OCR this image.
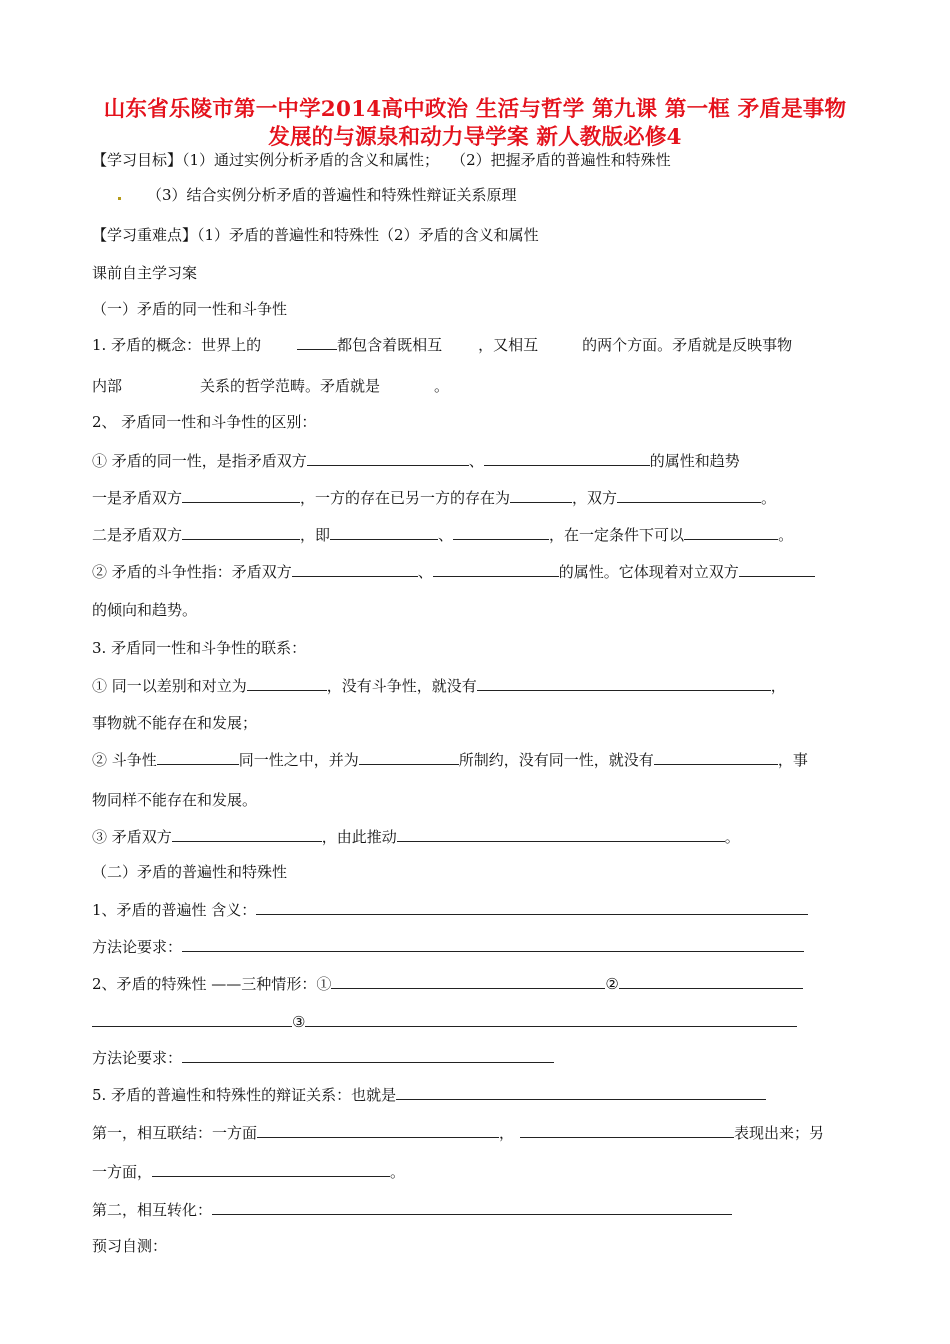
山东省乐陵市第一中学2014高中政治 生活与哲学 第九课 第一框 矛盾是事物
发展的与源泉和动力导学案 新人教版必修4
【学习目标】（1）通过实例分析矛盾的含义和属性； （2）把握矛盾的普遍性和特殊性
（3）结合实例分析矛盾的普遍性和特殊性辩证关系原理
【学习重难点】（1）矛盾的普遍性和特殊性（2）矛盾的含义和属性
课前自主学习案
（一）矛盾的同一性和斗争性
1. 矛盾的概念：世界上的	都包含着既相互 ，又相互	的两个方面。矛盾就是反映事物
内部	关系的哲学范畴。矛盾就是	。
2、 矛盾同一性和斗争性的区别：
① 矛盾的同一性，是指矛盾双方	、	的属性和趋势
一是矛盾双方	，一方的存在已另一方的存在为	，双方	。
二是矛盾双方	，即	、	，在一定条件下可以	。
② 矛盾的斗争性指：矛盾双方	、	的属性。它体现着对立双方
的倾向和趋势。
3. 矛盾同一性和斗争性的联系：
① 同一以差别和对立为	，没有斗争性，就没有	，
事物就不能存在和发展；
② 斗争性	同一性之中，并为	所制约，没有同一性，就没有	，事
物同样不能存在和发展。
③ 矛盾双方	，由此推动	。
（二）矛盾的普遍性和特殊性
1、矛盾的普遍性 含义：
方法论要求：
2、矛盾的特殊性 ——三种情形：①	②
③
方法论要求：
5. 矛盾的普遍性和特殊性的辩证关系：也就是
第一，相互联结：一方面	，	表现出来；另
一方面，	。
第二，相互转化：
预习自测：
